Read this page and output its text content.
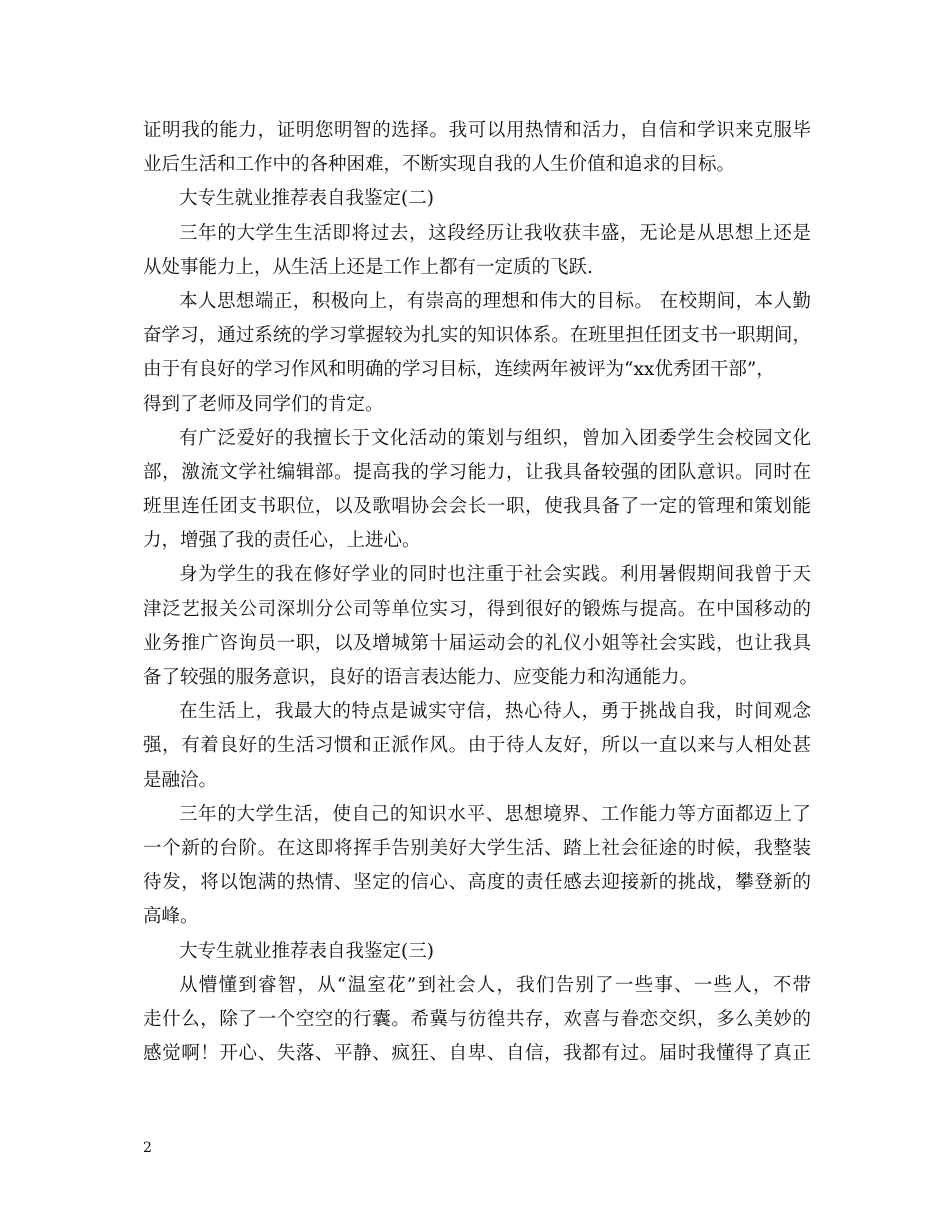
证明我的能力，证明您明智的选择。我可以用热情和活力，自信和学识来克服毕
业后生活和工作中的各种困难，不断实现自我的人生价值和追求的目标。
大专生就业推荐表自我鉴定(二)
三年的大学生生活即将过去，这段经历让我收获丰盛，无论是从思想上还是
从处事能力上，从生活上还是工作上都有一定质的飞跃.
本人思想端正，积极向上，有崇高的理想和伟大的目标。 在校期间，本人勤
奋学习，通过系统的学习掌握较为扎实的知识体系。在班里担任团支书一职期间，
由于有良好的学习作风和明确的学习目标，连续两年被评为“xx优秀团干部”，
得到了老师及同学们的肯定。
有广泛爱好的我擅长于文化活动的策划与组织，曾加入团委学生会校园文化
部，激流文学社编辑部。提高我的学习能力，让我具备较强的团队意识。同时在
班里连任团支书职位，以及歌唱协会会长一职，使我具备了一定的管理和策划能
力，增强了我的责任心，上进心。
身为学生的我在修好学业的同时也注重于社会实践。利用暑假期间我曾于天
津泛艺报关公司深圳分公司等单位实习，得到很好的锻炼与提高。在中国移动的
业务推广咨询员一职，以及增城第十届运动会的礼仪小姐等社会实践，也让我具
备了较强的服务意识，良好的语言表达能力、应变能力和沟通能力。
在生活上，我最大的特点是诚实守信，热心待人，勇于挑战自我，时间观念
强，有着良好的生活习惯和正派作风。由于待人友好，所以一直以来与人相处甚
是融洽。
三年的大学生活，使自己的知识水平、思想境界、工作能力等方面都迈上了
一个新的台阶。在这即将挥手告别美好大学生活、踏上社会征途的时候，我整装
待发，将以饱满的热情、坚定的信心、高度的责任感去迎接新的挑战，攀登新的
高峰。
大专生就业推荐表自我鉴定(三)
从懵懂到睿智，从“温室花”到社会人，我们告别了一些事、一些人，不带
走什么，除了一个空空的行囊。希冀与彷徨共存，欢喜与眷恋交织，多么美妙的
感觉啊！开心、失落、平静、疯狂、自卑、自信，我都有过。届时我懂得了真正
2
